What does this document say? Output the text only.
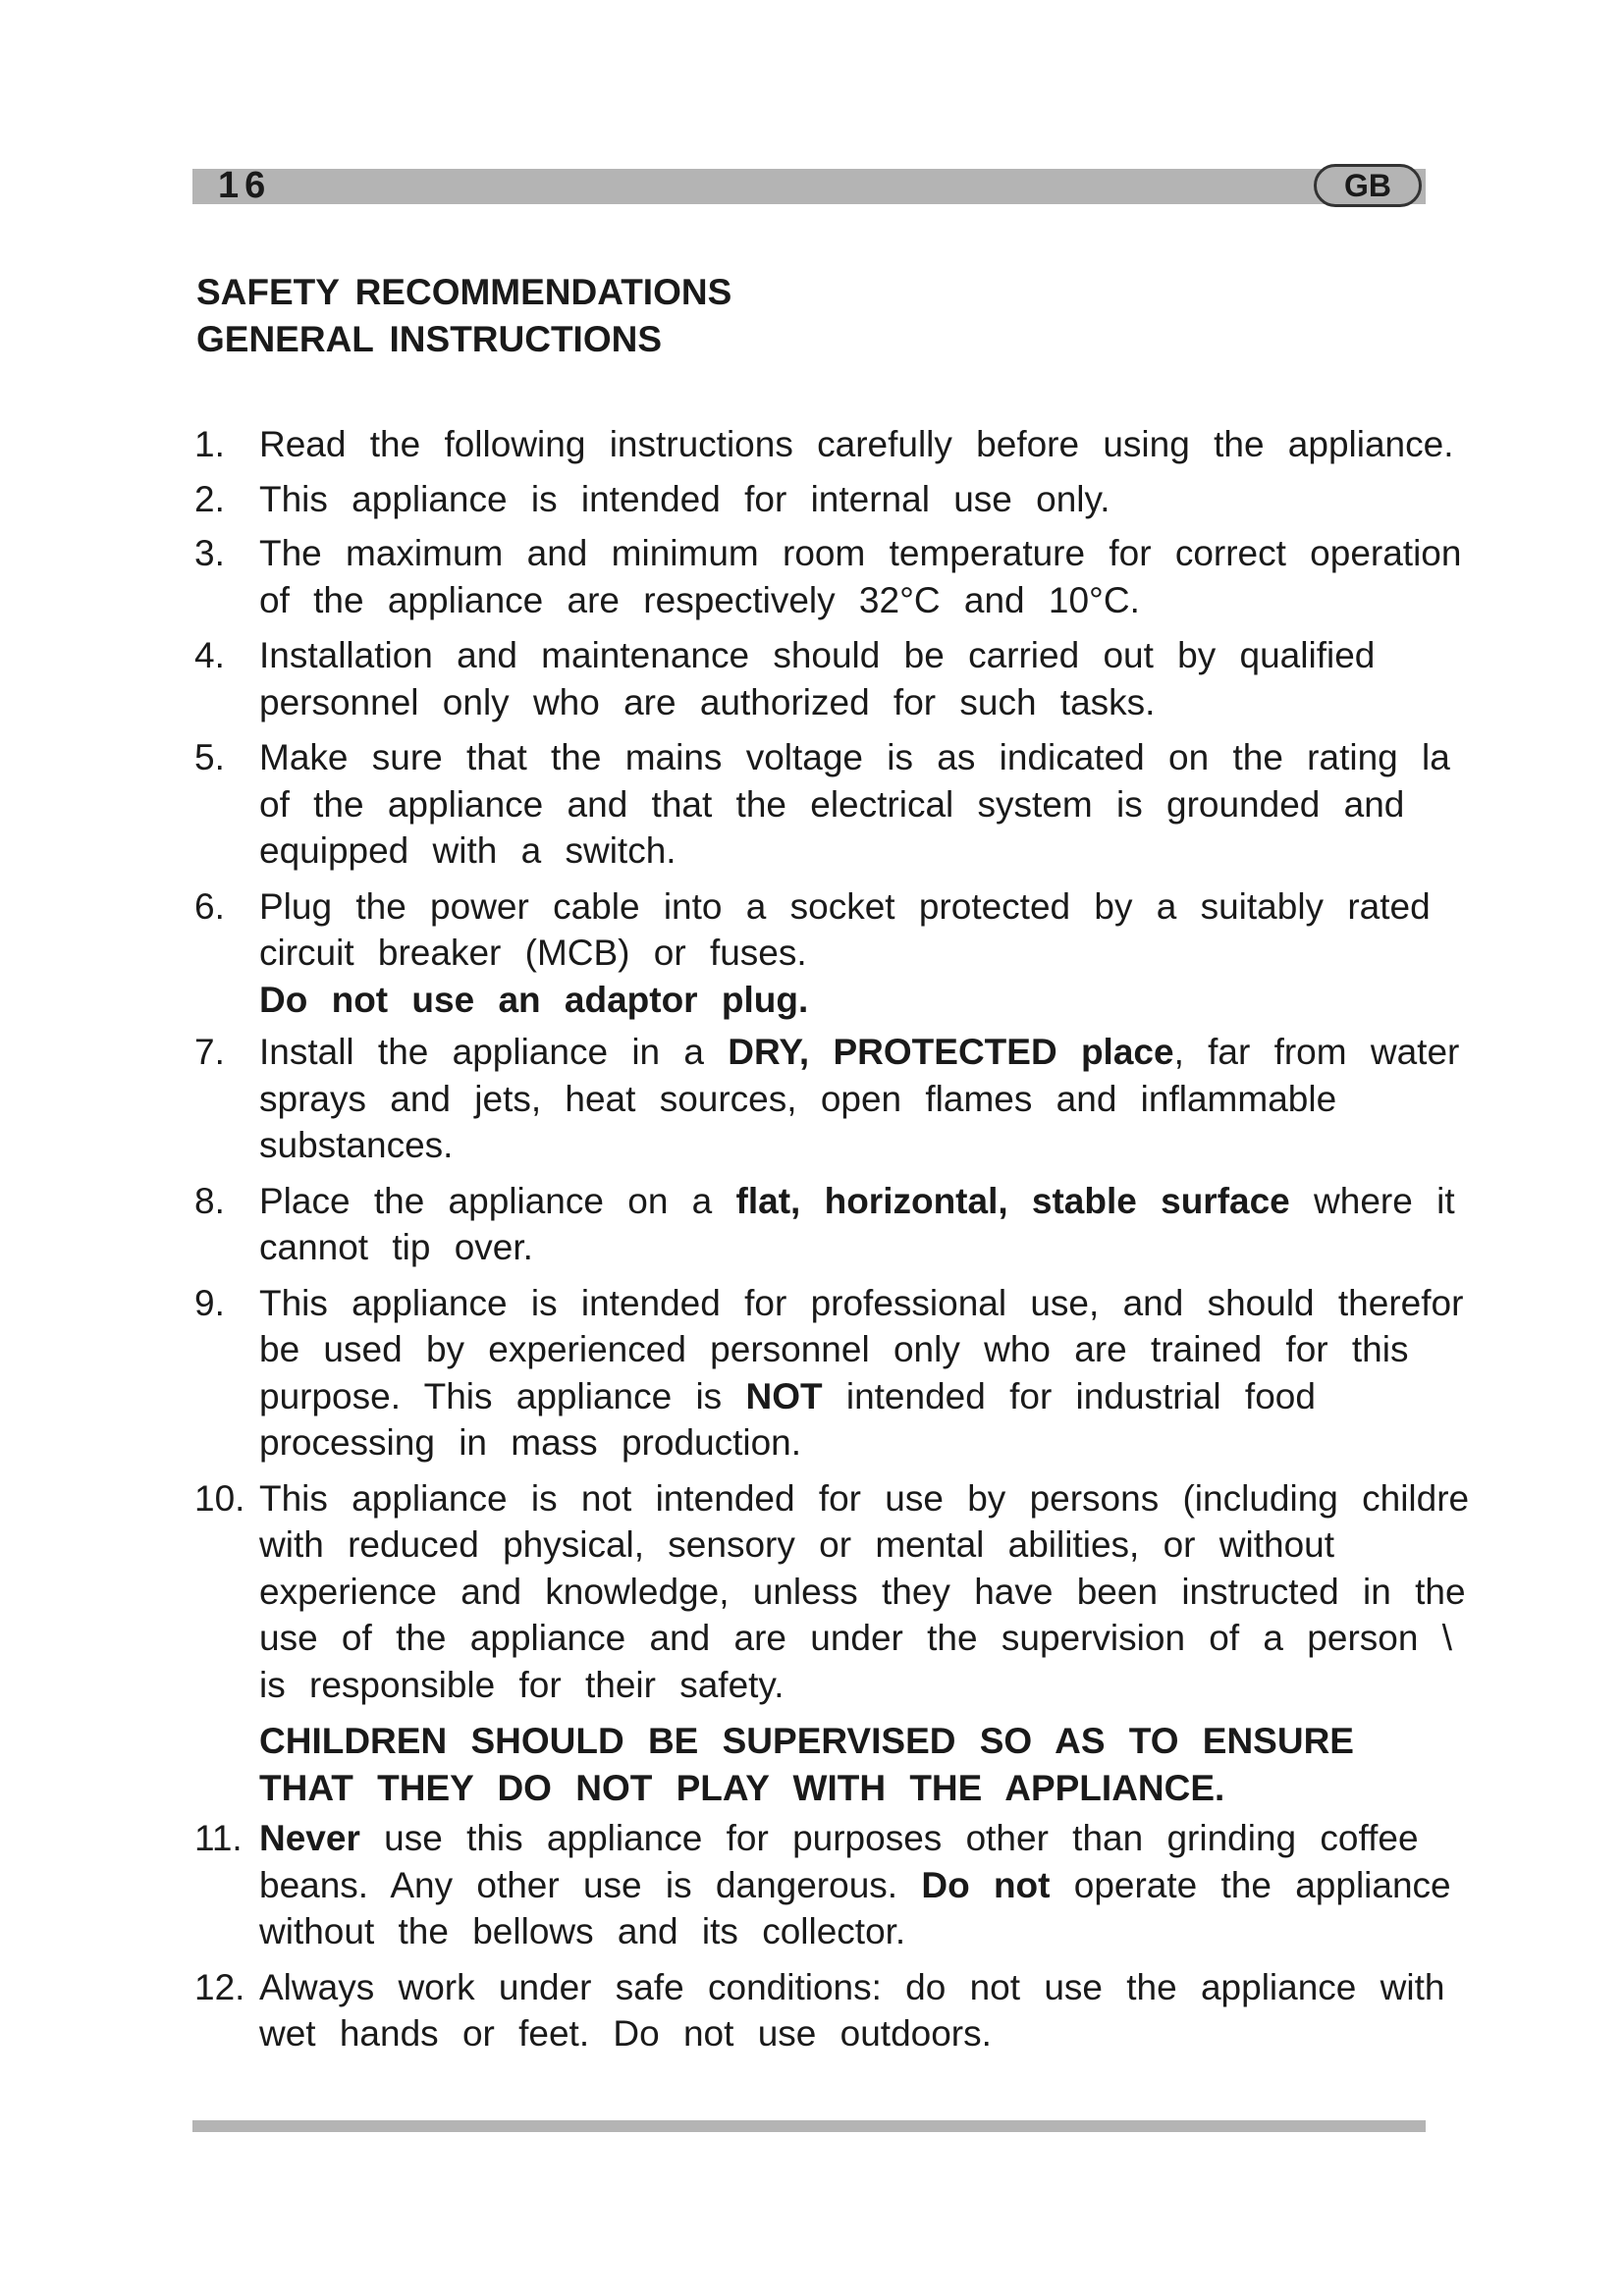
16	GB
SAFETY RECOMMENDATIONS
GENERAL INSTRUCTIONS
1. Read the following instructions carefully before using the appliance.
2. This appliance is intended for internal use only.
3. The maximum and minimum room temperature for correct operation
of the appliance are respectively 32°C and 10°C.
4. Installation and maintenance should be carried out by qualified
personnel only who are authorized for such tasks.
5. Make sure that the mains voltage is as indicated on the rating la
of the appliance and that the electrical system is grounded and
equipped with a switch.
6. Plug the power cable into a socket protected by a suitably rated
circuit breaker (MCB) or fuses.
Do not use an adaptor plug.
7. Install the appliance in a DRY, PROTECTED place, far from water
sprays and jets, heat sources, open flames and inflammable
substances.
8. Place the appliance on a flat, horizontal, stable surface where it
cannot tip over.
9. This appliance is intended for professional use, and should therefor
be used by experienced personnel only who are trained for this
purpose. This appliance is NOT intended for industrial food
processing in mass production.
10. This appliance is not intended for use by persons (including childre
with reduced physical, sensory or mental abilities, or without
experience and knowledge, unless they have been instructed in the
use of the appliance and are under the supervision of a person \
is responsible for their safety.
CHILDREN SHOULD BE SUPERVISED SO AS TO ENSURE
THAT THEY DO NOT PLAY WITH THE APPLIANCE.
11. Never use this appliance for purposes other than grinding coffee
beans. Any other use is dangerous. Do not operate the appliance
without the bellows and its collector.
12. Always work under safe conditions: do not use the appliance with
wet hands or feet. Do not use outdoors.
